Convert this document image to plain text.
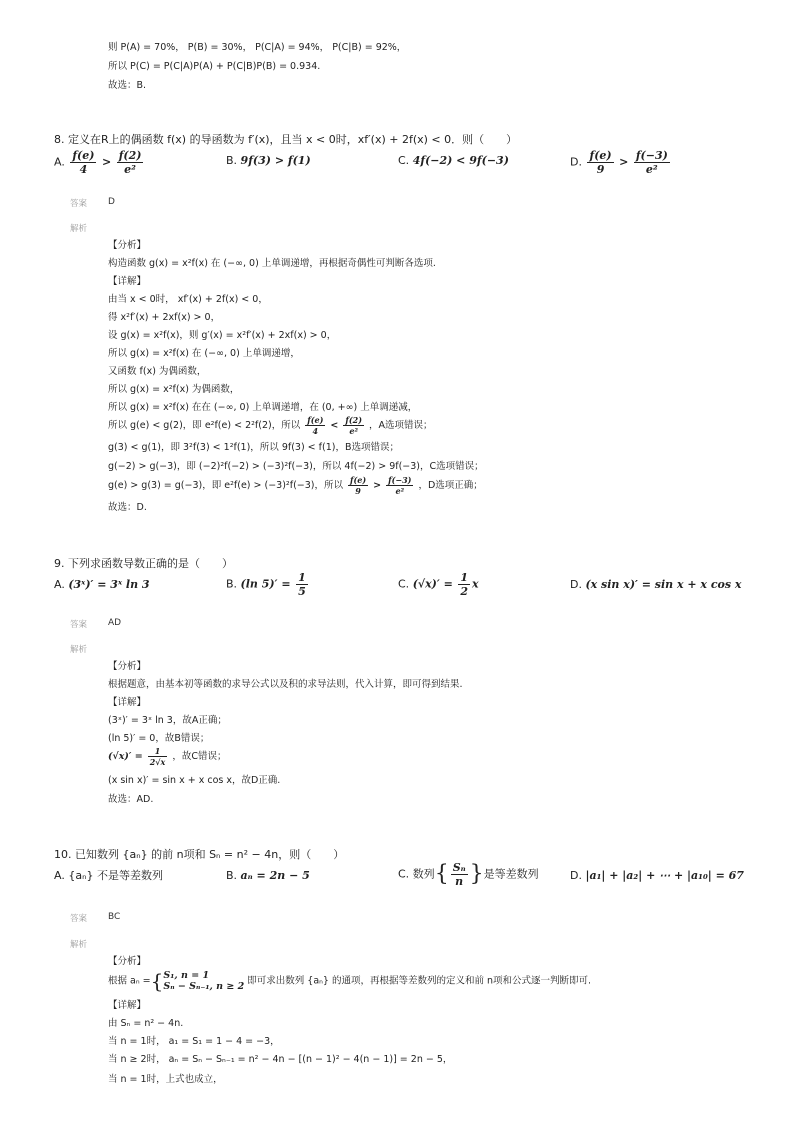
则 P(A) = 70%， P(B) = 30%， P(C|A) = 94%， P(C|B) = 92%，
所以 P(C) = P(C|A)P(A) + P(C|B)P(B) = 0.934.
故选：B.
8. 定义在R上的偶函数 f(x) 的导函数为 f′(x)，且当 x < 0时，xf′(x) + 2f(x) < 0．则（　　）
A. $\frac{f(e)}{4} > \frac{f(2)}{\text{e²}}$	B. 9f(3) > f(1)	C. 4f(−2) < 9f(−3)	D. $\frac{f(e)}{9} > \frac{f(-3)}{\text{e²}}$
答案 D
解析
【分析】
构造函数 g(x) = x²f(x) 在 (−∞, 0) 上单调递增，再根据奇偶性可判断各选项.
【详解】
由当 x < 0时， xf′(x) + 2f(x) < 0，
得 x²f′(x) + 2xf(x) > 0，
设 g(x) = x²f(x)，则 g′(x) = x²f′(x) + 2xf(x) > 0，
所以 g(x) = x²f(x) 在 (−∞, 0) 上单调递增，
又函数 f(x) 为偶函数，
所以 g(x) = x²f(x) 为偶函数，
所以 g(x) = x²f(x) 在在 (−∞, 0) 上单调递增，在 (0, +∞) 上单调递减，
所以 g(e) < g(2)，即 e²f(e) < 2²f(2)，所以 $\frac{f(e)}{4} < \frac{f(2)}{\text{e²}}$ ，A选项错误；
g(3) < g(1)，即 3²f(3) < 1²f(1)，所以 9f(3) < f(1)，B选项错误；
g(−2) > g(−3)，即 (−2)²f(−2) > (−3)²f(−3)，所以 4f(−2) > 9f(−3)，C选项错误；
g(e) > g(3) = g(−3)，即 e²f(e) > (−3)²f(−3)，所以 $\frac{f(e)}{9} > \frac{f(-3)}{\text{e²}}$ ，D选项正确；
故选：D.
9. 下列求函数导数正确的是（　　）
A. (3ˣ)′ = 3ˣ ln 3	B. (ln $5)' = \frac{1}{5}$	C. $(√x)' = \frac{1}{2}$ x	D. (x sin x)′ = sin x + x cos x
答案 AD
解析
【分析】
根据题意，由基本初等函数的求导公式以及积的求导法则，代入计算，即可得到结果.
【详解】
(3ˣ)′ = 3ˣ ln 3，故A正确；
(ln 5)′ = 0，故B错误；
$(√x)' = \frac{1}{2√x}$ ，故C错误；
(x sin x)′ = sin x + x cos x，故D正确.
故选：AD.
10. 已知数列 {aₙ} 的前 n项和 Sₙ = n² − 4n，则（　　）
A. {aₙ} 不是等差数列	B. aₙ = 2n − 5	C. 数列{ $\frac{\text{Sₙ}}{n}$ }是等差数列	D. |a₁| + |a₂| + ⋯ + |a₁₀| = 67
答案 BC
解析
【分析】
根据 aₙ ={ S₁, n = 1
Sₙ − Sₙ₋₁, n ≥ 2 即可求出数列 {aₙ} 的通项，再根据等差数列的定义和前 n项和公式逐一判断即可.
【详解】
由 Sₙ = n² − 4n.
当 n = 1时， a₁ = S₁ = 1 − 4 = −3，
当 n ≥ 2时， aₙ = Sₙ − Sₙ₋₁ = n² − 4n − [(n − 1)² − 4(n − 1)] = 2n − 5，
当 n = 1时，上式也成立，
